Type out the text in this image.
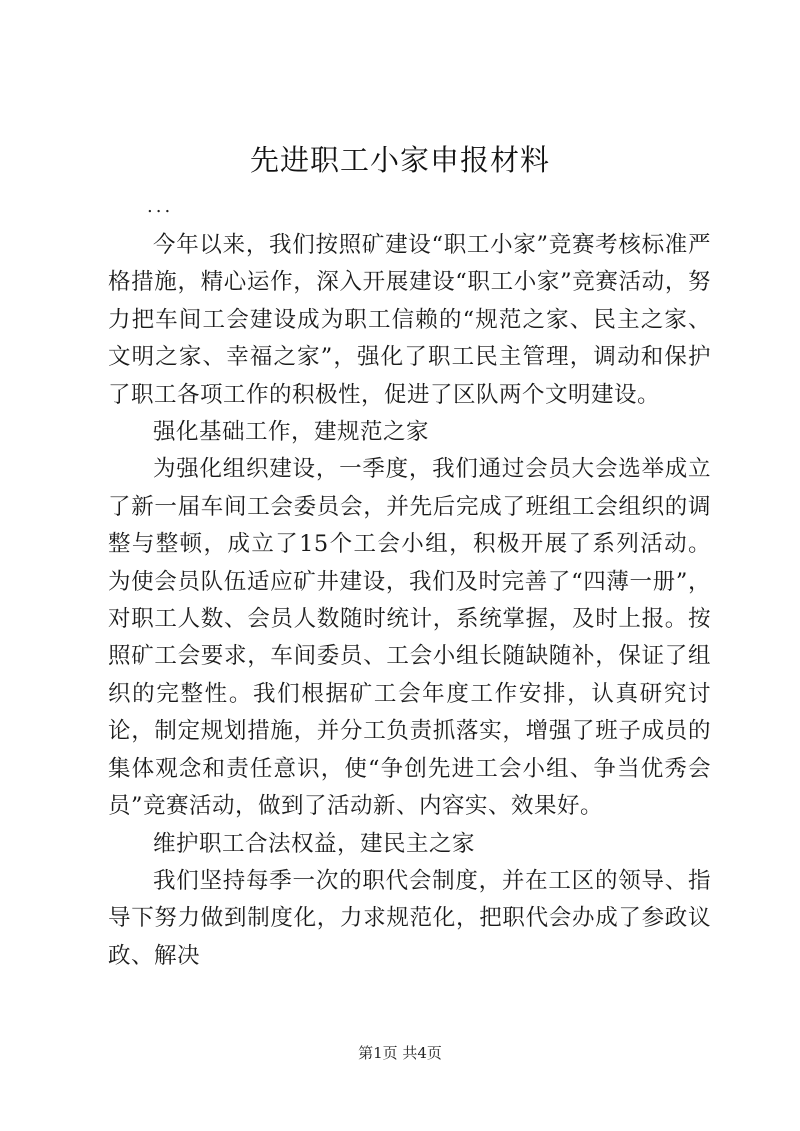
先进职工小家申报材料
...

今年以来，我们按照矿建设“职工小家”竞赛考核标准严格措施，精心运作，深入开展建设“职工小家”竞赛活动，努力把车间工会建设成为职工信赖的“规范之家、民主之家、文明之家、幸福之家”，强化了职工民主管理，调动和保护了职工各项工作的积极性，促进了区队两个文明建设。

强化基础工作，建规范之家

为强化组织建设，一季度，我们通过会员大会选举成立了新一届车间工会委员会，并先后完成了班组工会组织的调整与整顿，成立了15个工会小组，积极开展了系列活动。为使会员队伍适应矿井建设，我们及时完善了“四薄一册”，对职工人数、会员人数随时统计，系统掌握，及时上报。按照矿工会要求，车间委员、工会小组长随缺随补，保证了组织的完整性。我们根据矿工会年度工作安排，认真研究讨论，制定规划措施，并分工负责抓落实，增强了班子成员的集体观念和责任意识，使“争创先进工会小组、争当优秀会员”竞赛活动，做到了活动新、内容实、效果好。

维护职工合法权益，建民主之家

我们坚持每季一次的职代会制度，并在工区的领导、指导下努力做到制度化，力求规范化，把职代会办成了参政议政、解决

第1页 共4页
